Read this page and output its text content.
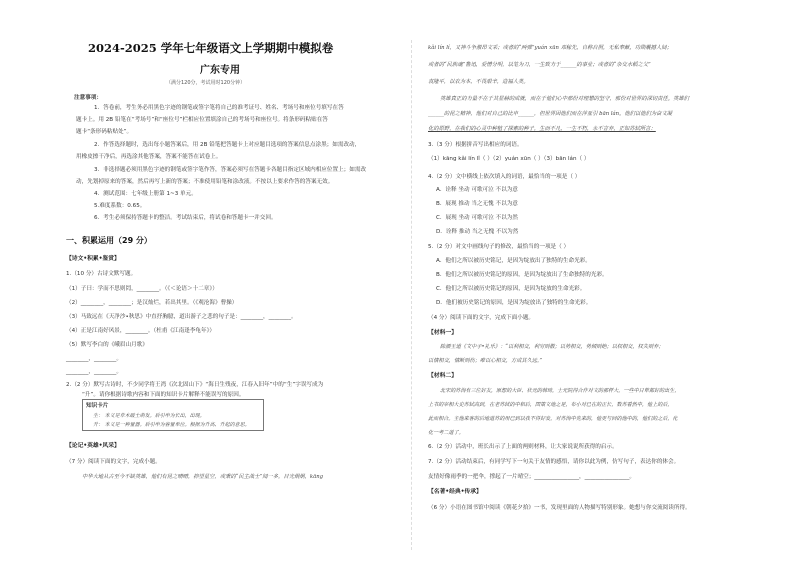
2024-2025 学年七年级语文上学期期中模拟卷
广东专用
（满分120分，考试用时120分钟）
注意事项：
1．答卷前，考生务必用黑色字迹的钢笔或签字笔将自己的准考证号、姓名、考场号和座位号填写在答
题卡上。用 2B 铅笔在“考场号”和“座位号”栏相应位置填涂自己的考场号和座位号。将条形码粘贴在答
题卡“条形码粘贴处”。
2．作答选择题时，选出每小题答案后，用 2B 铅笔把答题卡上对应题目选项的答案信息点涂黑；如需改动，
用橡皮擦干净后，再选涂其他答案，答案不能答在试卷上。
3．非选择题必须用黑色字迹的钢笔或签字笔作答，答案必须写在答题卡各题目指定区域内相应位置上；如需改
动，先划掉原来的答案，然后再写上新的答案；不准使用铅笔和涂改液。不按以上要求作答的答案无效。
4．测试范围：七年级上册第 1~3 单元。
5.难度系数：0.65。
6．考生必须保持答题卡的整洁。考试结束后，将试卷和答题卡一并交回。
一、积累运用（29 分）
【诗文•积累•鉴赏】
1.（10 分）古诗文默写题。
（1）子曰：学而不思则罔，________。（《＜论语＞十二章》）
（2）________，________；是汉灿烂，若出其里。（《观沧海》曹操）
（3）马致远在《天净沙•秋思》中直抒胸臆，道出游子之悲的句子是：________，________。
（4）正是江南好风景，________。（杜甫《江南逢李龟年》）
（5）默写李白的《峨眉山月歌》
________，________。
________，________。
2.（2 分）默写古诗时，不少同学将王湾《次北固山下》“海日生残夜，江春入旧年”中的“生”字误写成为
“升”。请你根据诗歌内容和下面的知识卡片解释不能误写的原因。
知识卡片
生： 本义是草木破土萌发。后引申为长出，出现。
升： 本义是一种量器。后引申为容量单位。根据为升高、升起的意思。
【论记•英雄•风采】
（7 分）阅读下面的文字，完成小题。
中华大地从古至今不缺英雄，他们有昆之晴晴，抑望星空，或秉的“民主战士”闻一多，目光炯炯，kāng
kǎi lín lí，又神斗争激昂文采；或者的“两弹”yuán xūn 邓稼先，自称自照，无私奉献，功勋震撼人间；
或者的“民族魂”鲁迅，爱憎分明，以笔为刀，一生致力于______的事业；或者的“杂交水稻之父”
袁隆平，以农为本，不畏艰辛，造福人类。
英雄真正的力量不在于其显赫的成就，而在于他们心中那份对理想的坚守，那份对世界的深切责任。英雄们
______的昆之精神，他们对自己的比申______，但世界因他们而在萍亚引 bān lán。他们以他们为奋文凝
化的原野，在我们的心灵中种植了探索的种子，生而不凡，一生不朽，永不言弃，正如苏轼所言：
3.（3 分）根据拼音写出相应的词语。
（1）kāng kǎi lín lǐ（ ）（2）yuán xūn（ ）（3）bān lán（ ）
4.（2 分）文中横线上依次填入的词语，最恰当的一项是（ ）
A．诠释 坐动 可歌可泣 不以为意
B．展现 推动 当之无愧 不以为意
C．展现 坐动 可歌可泣 不以为然
D．诠释 推动 当之无愧 不以为然
5.（2 分）对文中画线句子的修改，最恰当的一项是（ ）
A．他们之所以被历史铭记，是因为绽放出了独特的生命光彩。
B．他们之所以被历史铭记的原因，是因为绽放出了生命独特的光彩。
C．他们之所以被历史铭记的原因，是因为绽放的生命光彩。
D．他们被历史铭记的原因，是因为绽放出了独特的生命光彩。
（4 分）阅读下面的文字，完成下面小题。
【材料一】
除颜王道《文中子•礼乐》：“以利相交，利穷则散；以势相交，势倾则绝；以权相交，权失则弃；
以情相交，情断则伤；唯以心相交，方成其久远。”
【材料二】
北宋的苏洵有三位好友，原想的大臣、状元的韩琦，士元院得合作对文的那样大，一些中日草都好的出生，
上书的宰相大史苏轼高到，在老苏轼的中和后，国策文地之是，布小对已在的正长，数苏看然中，他上的后，
此而相合。主他来客的后地道苏的用已到以我不得好发，对苏洵中先来的，他更与回的他中的，他们的之后，化
化一考二道了。
6.（2 分）活动中，班长出示了上面的两则材料，让大家说说所获得的启示。
7.（2 分）活动结束后，有同学写下一句关于友情的感悟，请你以此为例，仿写句子，表达你的体会。
友情好像雨季的一把伞，撑起了一片晴空；________________，________________。
【名著•经典•传承】
（6 分）小语在图书馆中阅读《朝花夕拾》一书，发现里面的人物描写特别形象。她想与你交流阅读所得。
